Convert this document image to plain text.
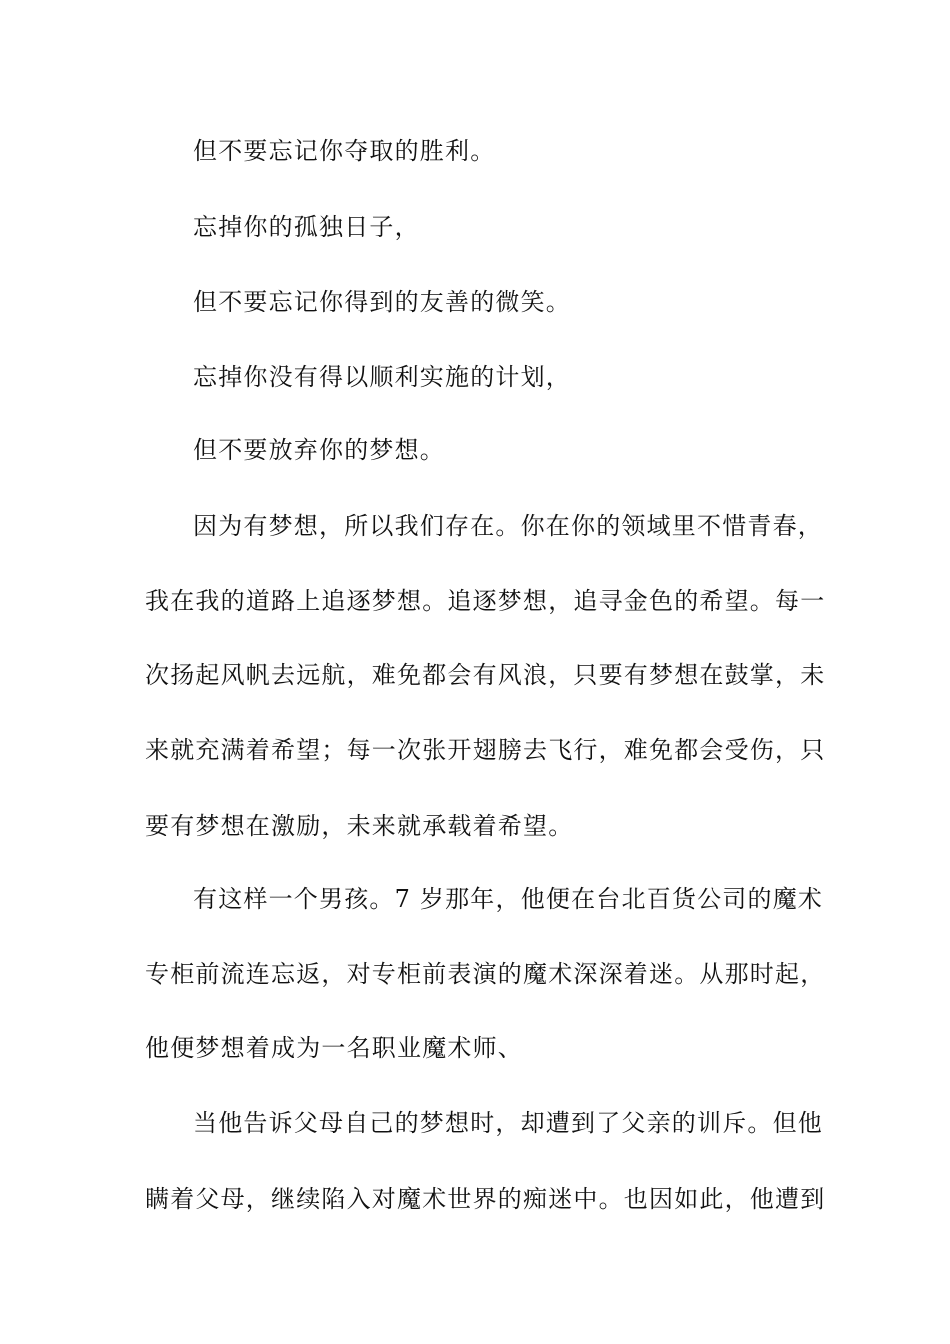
但不要忘记你夺取的胜利。
忘掉你的孤独日子，
但不要忘记你得到的友善的微笑。
忘掉你没有得以顺利实施的计划，
但不要放弃你的梦想。
因为有梦想，所以我们存在。你在你的领域里不惜青春，
我在我的道路上追逐梦想。追逐梦想，追寻金色的希望。每一
次扬起风帆去远航，难免都会有风浪，只要有梦想在鼓掌，未
来就充满着希望；每一次张开翅膀去飞行，难免都会受伤，只
要有梦想在激励，未来就承载着希望。
有这样一个男孩。7 岁那年，他便在台北百货公司的魔术
专柜前流连忘返，对专柜前表演的魔术深深着迷。从那时起，
他便梦想着成为一名职业魔术师、
当他告诉父母自己的梦想时，却遭到了父亲的训斥。但他
瞒着父母，继续陷入对魔术世界的痴迷中。也因如此，他遭到
